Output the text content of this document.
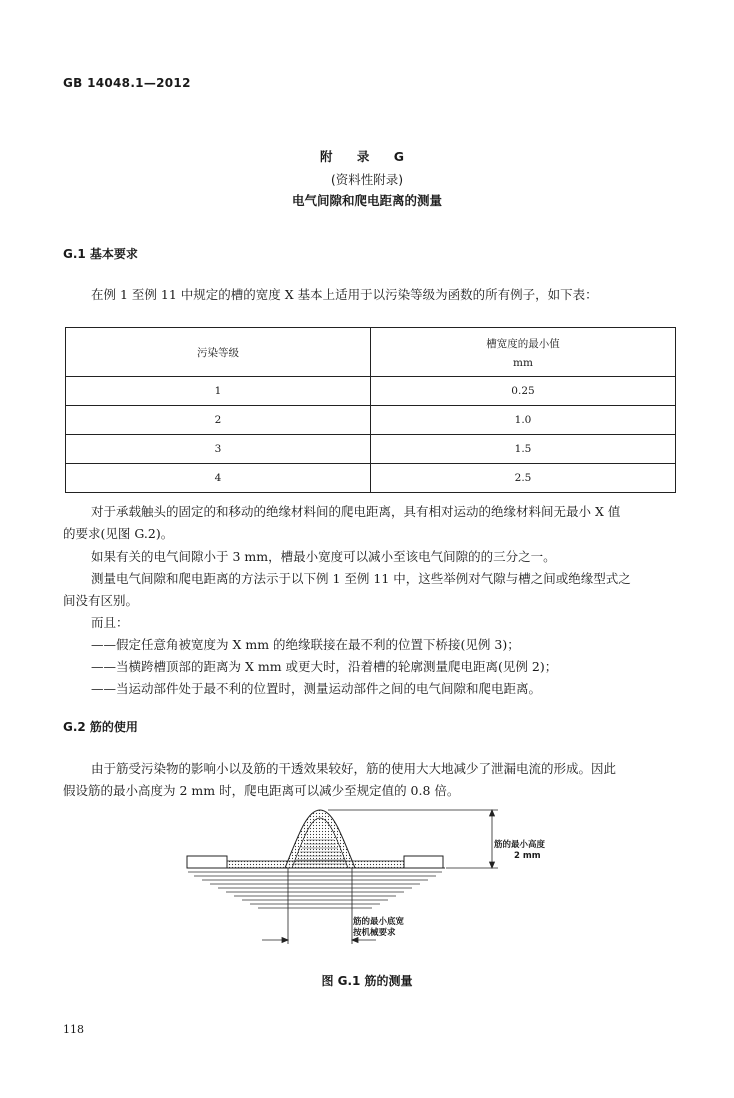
GB 14048.1—2012
附 录 G
(资料性附录)
电气间隙和爬电距离的测量
G.1 基本要求
在例 1 至例 11 中规定的槽的宽度 X 基本上适用于以污染等级为函数的所有例子，如下表：
污染等级	槽宽度的最小值
mm

1	0.25
2	1.0
3	1.5
4	2.5
对于承载触头的固定的和移动的绝缘材料间的爬电距离，具有相对运动的绝缘材料间无最小 X 值
的要求(见图 G.2)。
如果有关的电气间隙小于 3 mm，槽最小宽度可以减小至该电气间隙的的三分之一。
测量电气间隙和爬电距离的方法示于以下例 1 至例 11 中，这些举例对气隙与槽之间或绝缘型式之
间没有区别。
而且：
——假定任意角被宽度为 X mm 的绝缘联接在最不利的位置下桥接(见例 3)；
——当横跨槽顶部的距离为 X mm 或更大时，沿着槽的轮廓测量爬电距离(见例 2)；
——当运动部件处于最不利的位置时，测量运动部件之间的电气间隙和爬电距离。
G.2 筋的使用
由于筋受污染物的影响小以及筋的干透效果较好，筋的使用大大地减少了泄漏电流的形成。因此
假设筋的最小高度为 2 mm 时，爬电距离可以减少至规定值的 0.8 倍。
筋的最小高度
2 mm
筋的最小底宽
按机械要求
图 G.1 筋的测量
118
